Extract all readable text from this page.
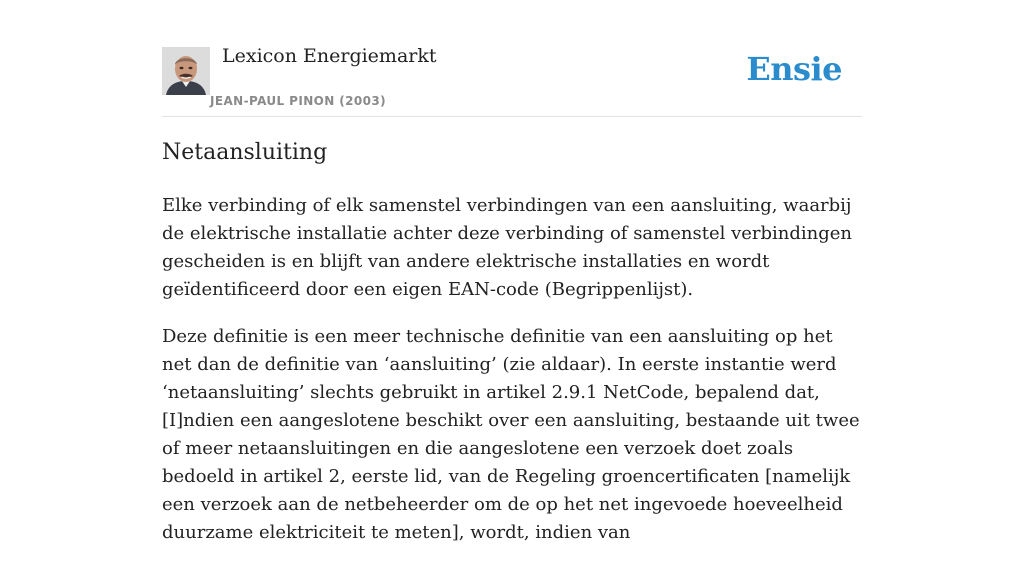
Lexicon Energiemarkt
JEAN-PAUL PINON (2003)
Ensie
Netaansluiting

Elke verbinding of elk samenstel verbindingen van een aansluiting, waarbij de elektrische installatie achter deze verbinding of samenstel verbindingen gescheiden is en blijft van andere elektrische installaties en wordt geïdentificeerd door een eigen EAN-code (Begrippenlijst).

Deze definitie is een meer technische definitie van een aansluiting op het net dan de definitie van ‘aansluiting’ (zie aldaar). In eerste instantie werd ‘netaansluiting’ slechts gebruikt in artikel 2.9.1 NetCode, bepalend dat, [I]ndien een aangeslotene beschikt over een aansluiting, bestaande uit twee of meer netaansluitingen en die aangeslotene een verzoek doet zoals bedoeld in artikel 2, eerste lid, van de Regeling groencertificaten [namelijk een verzoek aan de netbeheerder om de op het net ingevoede hoeveelheid duurzame elektriciteit te meten], wordt, indien van
